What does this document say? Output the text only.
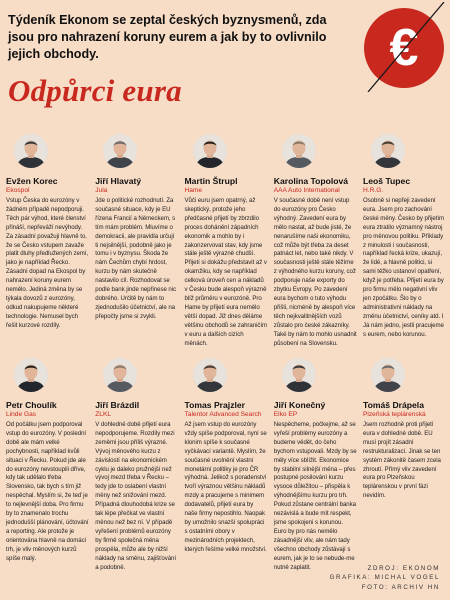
Týdeník Ekonom se zeptal českých byznysmenů, zda jsou pro nahrazení koruny eurem a jak by to ovlivnilo jejich obchody.

Odpůrci eura
€
Evžen Korec
Ekospol

Vstup Česka do eurozóny v žádném případě nepodporuji. Těch pár výhod, které členství přináší, nepřeváží nevýhody. Za zásadní považuji hlavně to, že se Česko vstupem zavaže platit dluhy předlužených zemí, jako je například Řecko. Zásadní dopad na Ekospol by nahrazení koruny eurem nemělo. Jediná změna by se týkala dovozů z eurozóny, odkud nakupujeme některé technologie. Nemusel bych řešit kurzové rozdíly.

Jiří Hlavatý
Jula

Jde o politické rozhodnutí. Za současné situace, kdy je EU řízena Francií a Německem, s tím mám problém. Mluvíme o demokracii, ale pravidla určují ti nejsilnější, podobně jako je tomu i v byznysu. Škoda že nám Čechům chybí hrdost, kurzu by nám skutečně nastavilo cíl. Rozhodovat se podle bank jinde nepřinese nic dobrého. Určitě by nám to zjednodušilo účetnictví, ale na přepočty jsme si zvykli.

Martin Štrupl
Hame

Vůči euru jsem opatrný, až skeptický, protože jeho předčasné přijetí by zbrzdilo proces dohánění západních ekonomik a mohlo by i zakonzervovat stav, kdy jsme stále ještě výrazně chudší. Přijetí si dokážu představit až v okamžiku, kdy se například celková úroveň cen a nákladů v Česku bude alespoň výrazně blíž průměru v eurozóně. Pro Hame by přijetí eura nemělo větší dopad. Již dnes děláme většinu obchodů se zahraničím v euru a dalších cizích měnách.

Karolina Topolová
AAA Auto International

V současné době není vstup do eurozóny pro Česko výhodný. Zavedení eura by mělo nastat, až bude jisté, že nenarušíme naši ekonomiku, což může být třeba za deset patnáct let, nebo také nikdy. V současnosti ještě stále těžíme z výhodného kurzu koruny, což podporuje naše exporty do zbytku Evropy. Po zavedení eura bychom o tuto výhodu přišli, nicméně by alespoň více těch nejkvalitnějších vozů zůstalo pro české zákazníky. Také by nám to mohlo usnadnit působení na Slovensku.

Leoš Tupec
H.R.G.

Osobně si nepřeji zavedení eura. Jsem pro zachování české měny. Česko by přijetím eura ztratilo významný nástroj pro měnovou politiku. Příklady z minulosti i současnosti, například řecká krize, ukazují, že lidé, a hlavně politici, si sami těžko ustanoví opatření, když je potřeba. Přijetí eura by pro firmu mělo negativní vliv jen zpočátku. Šlo by o administrativní náklady na změnu účetnictví, ceníky atd. I Já nám jedno, jestli pracujeme s eurem, nebo korunou.

Petr Choulík
Linde Gas

Od počátku jsem podporoval vstup do eurozóny. V poslední době ale mám velké pochybnosti, například kvůli situaci v Řecku. Pokud jde ale do eurozóny nevstoupili dříve, kdy tak udělalo třeba Slovensko, tak bych s tím již nespěchal. Myslím si, že teď je to nejlevnější doba. Pro firmu by to znamenalo trochu jednodušší plánování, účtování a reporting. Ale protože je orientována hlavně na domácí trh, je vliv měnových kurzů spíše malý.

Jiří Brázdil
ZLKL

V dohledné době přijetí eura nepodporujeme. Rozdíly mezi zeměmi jsou příliš výrazné. Vývoj měnového kurzu z závislostí na ekonomickém cyklu je daleko pružnější než vývoj mezd třeba v Řecku – tedy jde to oslabení vlastní měny než snižování mezd. Případná dlouhodobá krize se tak lépe přečkat ve vlastní měnou než bez ní. V případě vyřešení problémů eurozóny by firmě společná měna prospěla, může ale by nižší náklady na směnu, zajišťování a podobně.

Tomas Prajzler
Talentor Advanced Search

Až jsem vstup do eurozóny vždy spíše podporoval, nyní se klonim spíše k současné vyčkávací variantě. Myslím, že současné uvolnění vlastní monetární politiky je pro ČR výhodná. Jelikož s poradenství tvoří výraznou většinu nákladů mzdy a pracujeme s minimem dodavatelů, přijetí eura by naše firmy nepostihlo. Naopak by umožnilo snazší spolupráci s ostatními obory v mezinárodních projektech, kterých řešíme velké množství.

Jiří Konečný
Elko EP

Nespěcheme, počkejme, až se vyřeší problémy eurozóny a budeme vědět, do čeho bychom vstupovali. Mzdy by se měly více sblížit. Ekonomice by stabilní silnější měna – přes postupné posilování kurzu vysoce důležitou – přispěla k výhodnějšímu kurzu pro trh. Pokud zůstane centrální banka nezávislá a bude mít respekt, jsme spokojeni s korunou. Euro by pro nás nemělo zásadnější vliv, ale nám tady všechno obchody zůstávají s eurem, jak je to se nebude-me nutně zaplatit.

Tomáš Drápela
Plzeňská teplárenská

Jsem rozhodně proti přijetí eura v dohledné době. EU musí projít zásadní restrukturalizací. Jinak se ten systém zákonitě časem zcela zhroutí. Přímý vliv zavedení eura pro Plzeňskou teplárenskou v první fázi nevidím.

ZDROJ: EKONOM
GRAFIKA: MICHAL VOGEL
FOTO: ARCHIV HN
